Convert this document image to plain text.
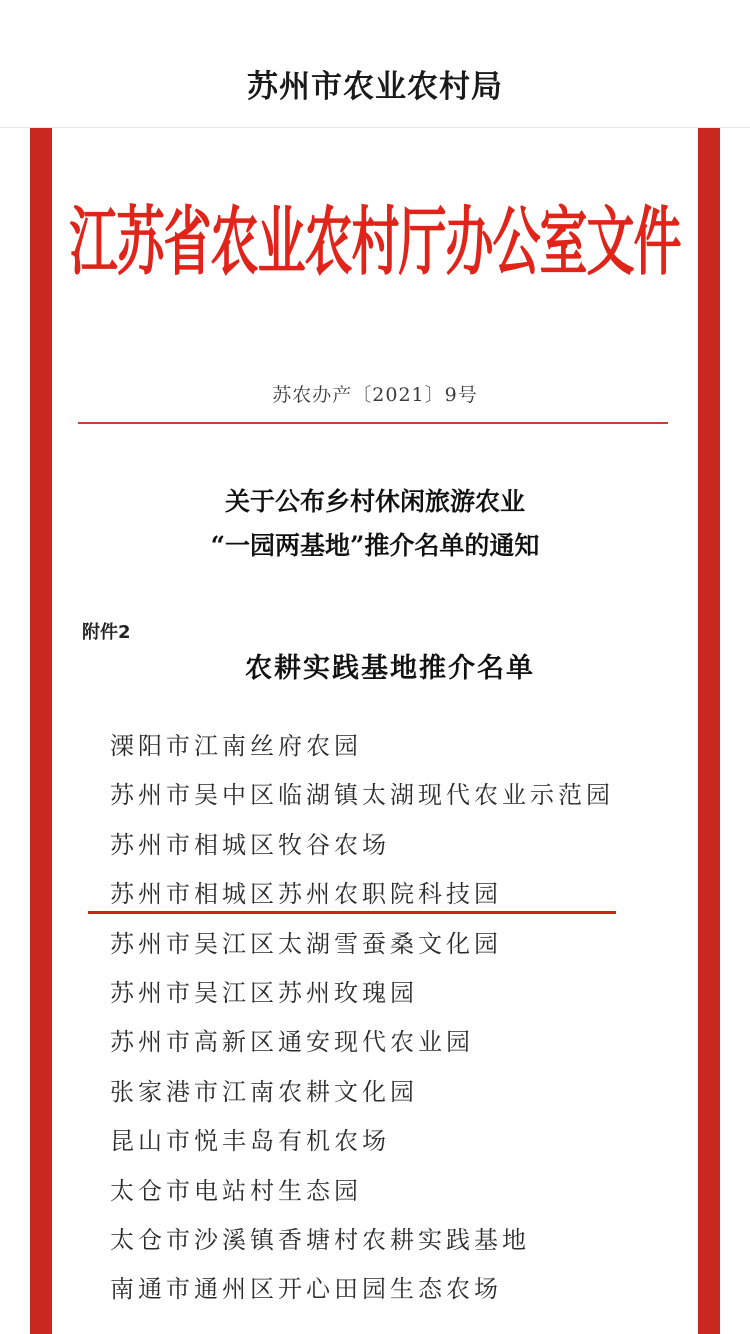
苏州市农业农村局
江苏省农业农村厅办公室文件
苏农办产〔2021〕9号
关于公布乡村休闲旅游农业
“一园两基地”推介名单的通知
附件2
农耕实践基地推介名单
溧阳市江南丝府农园
苏州市吴中区临湖镇太湖现代农业示范园
苏州市相城区牧谷农场
苏州市相城区苏州农职院科技园
苏州市吴江区太湖雪蚕桑文化园
苏州市吴江区苏州玫瑰园
苏州市高新区通安现代农业园
张家港市江南农耕文化园
昆山市悦丰岛有机农场
太仓市电站村生态园
太仓市沙溪镇香塘村农耕实践基地
南通市通州区开心田园生态农场
